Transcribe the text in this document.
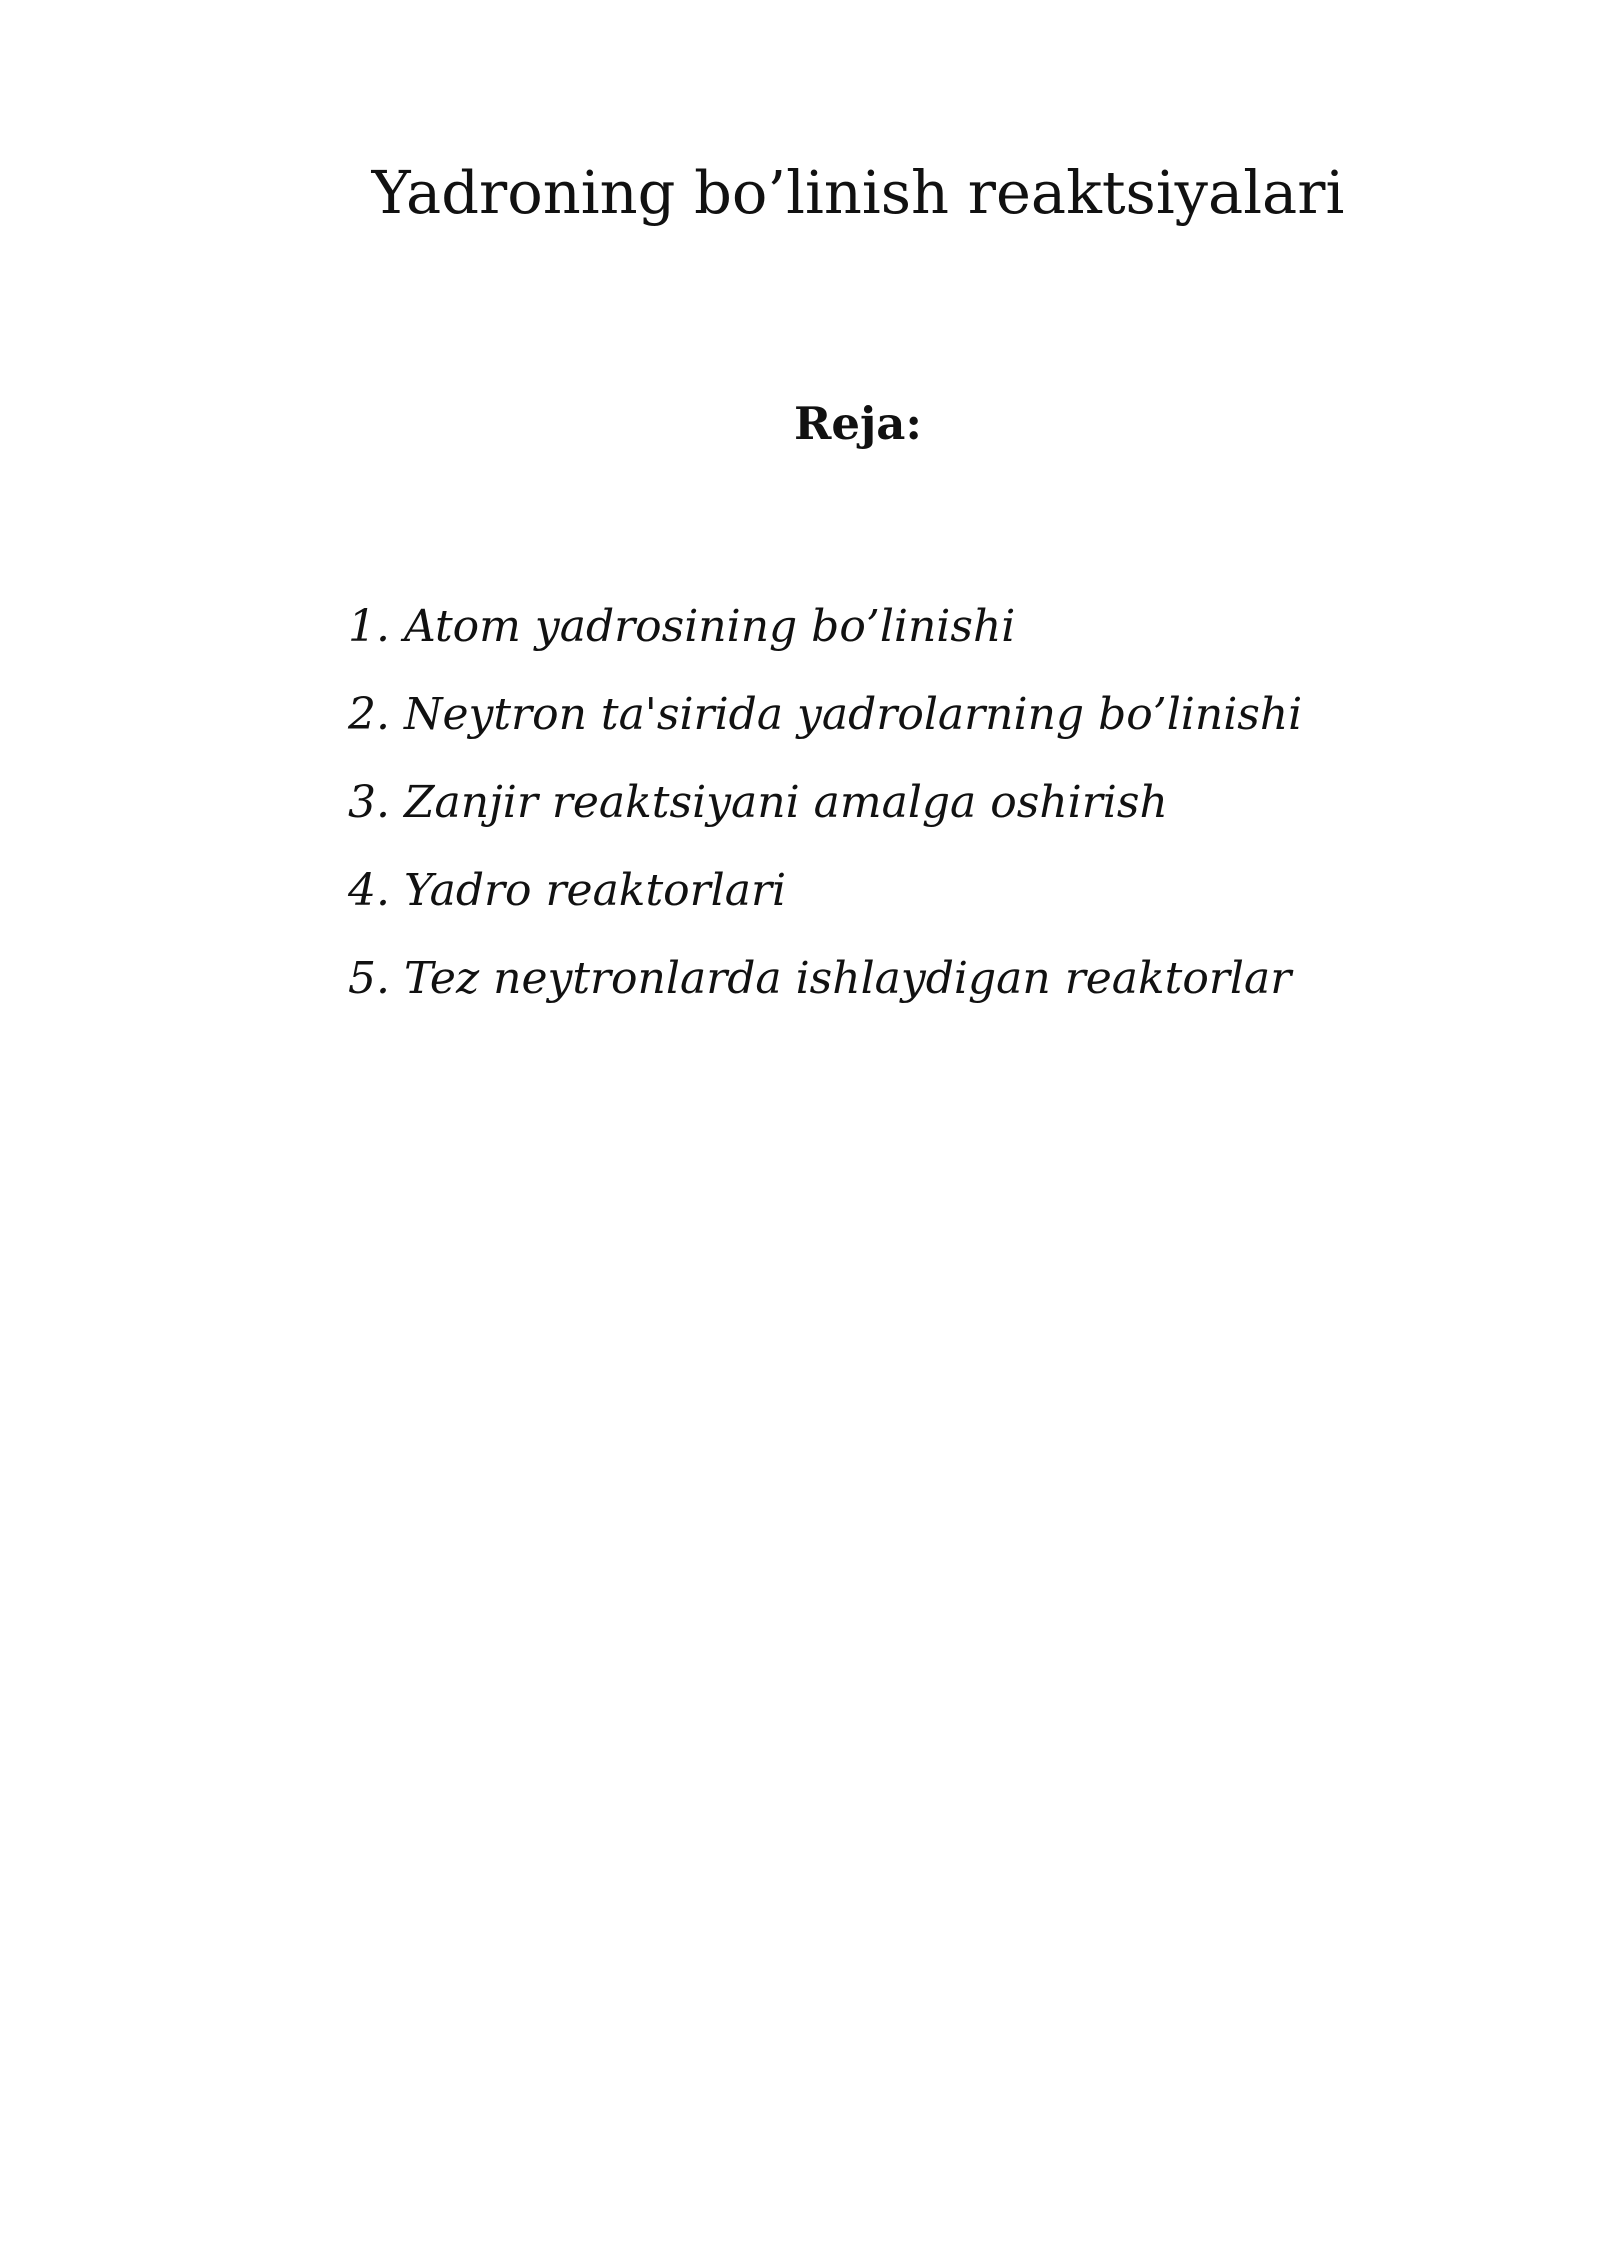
Yadroning bo’linish reaktsiyalari
Reja:
1. Atom yadrosining bo’linishi
2. Neytron ta'sirida yadrolarning bo’linishi
3. Zanjir reaktsiyani amalga oshirish
4. Yadro reaktorlari
5. Tez neytronlarda ishlaydigan reaktorlar
